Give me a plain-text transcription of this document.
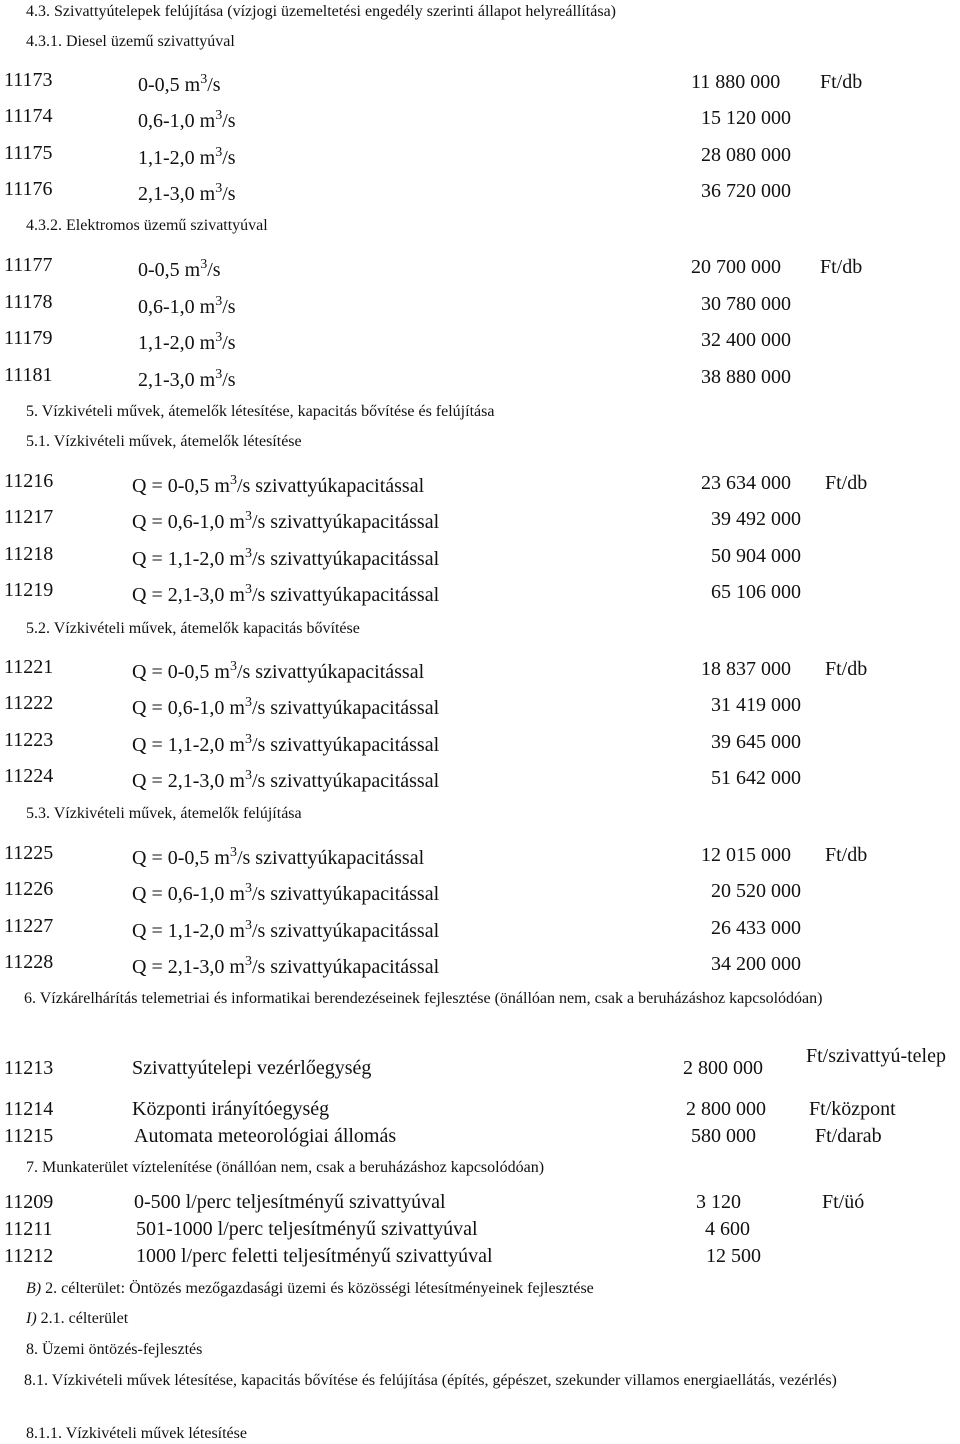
4.3. Szivattyútelepek felújítása (vízjogi üzemeltetési engedély szerinti állapot helyreállítása)
4.3.1. Diesel üzemű szivattyúval
11173	0-0,5 $m^3/s$	11 880 000 Ft/db
11174	0,6-1,0 $m^3/s$	15 120 000
11175	1,1-2,0 $m^3/s$	28 080 000
11176	2,1-3,0 $m^3/s$	36 720 000
4.3.2. Elektromos üzemű szivattyúval
11177	0-0,5 $m^3/s$	20 700 000 Ft/db
11178	0,6-1,0 $m^3/s$	30 780 000
11179	1,1-2,0 $m^3/s$	32 400 000
11181	2,1-3,0 $m^3/s$	38 880 000
5. Vízkivételi művek, átemelők létesítése, kapacitás bővítése és felújítása
5.1. Vízkivételi művek, átemelők létesítése
11216	Q = 0-0,5 $m^3/s$ szivattyúkapacitással	23 634 000 Ft/db
11217	Q = 0,6-1,0 $m^3/s$ szivattyúkapacitással	39 492 000
11218	Q = 1,1-2,0 $m^3/s$ szivattyúkapacitással	50 904 000
11219	Q = 2,1-3,0 $m^3/s$ szivattyúkapacitással	65 106 000
5.2. Vízkivételi művek, átemelők kapacitás bővítése
11221	Q = 0-0,5 $m^3/s$ szivattyúkapacitással	18 837 000 Ft/db
11222	Q = 0,6-1,0 $m^3/s$ szivattyúkapacitással	31 419 000
11223	Q = 1,1-2,0 $m^3/s$ szivattyúkapacitással	39 645 000
11224	Q = 2,1-3,0 $m^3/s$ szivattyúkapacitással	51 642 000
5.3. Vízkivételi művek, átemelők felújítása
11225	Q = 0-0,5 $m^3/s$ szivattyúkapacitással	12 015 000 Ft/db
11226	Q = 0,6-1,0 $m^3/s$ szivattyúkapacitással	20 520 000
11227	Q = 1,1-2,0 $m^3/s$ szivattyúkapacitással	26 433 000
11228	Q = 2,1-3,0 $m^3/s$ szivattyúkapacitással	34 200 000
6. Vízkárelhárítás telemetriai és informatikai berendezéseinek fejlesztése (önállóan nem, csak a beruházáshoz kapcsolódóan)
11213	Szivattyútelepi vezérlőegység	2 800 000
Ft/szivattyú-telep
11214	Központi irányítóegység	2 800 000 Ft/központ
11215	Automata meteorológiai állomás	580 000	Ft/darab
7. Munkaterület víztelenítése (önállóan nem, csak a beruházáshoz kapcsolódóan)
11209	0-500 l/perc teljesítményű szivattyúval	3 120	Ft/üó
11211	501-1000 l/perc teljesítményű szivattyúval	4 600
11212	1000 l/perc feletti teljesítményű szivattyúval	12 500
B) 2. célterület: Öntözés mezőgazdasági üzemi és közösségi létesítményeinek fejlesztése
I) 2.1. célterület
8. Üzemi öntözés-fejlesztés
8.1. Vízkivételi művek létesítése, kapacitás bővítése és felújítása (építés, gépészet, szekunder villamos energiaellátás, vezérlés)
8.1.1. Vízkivételi művek létesítése
